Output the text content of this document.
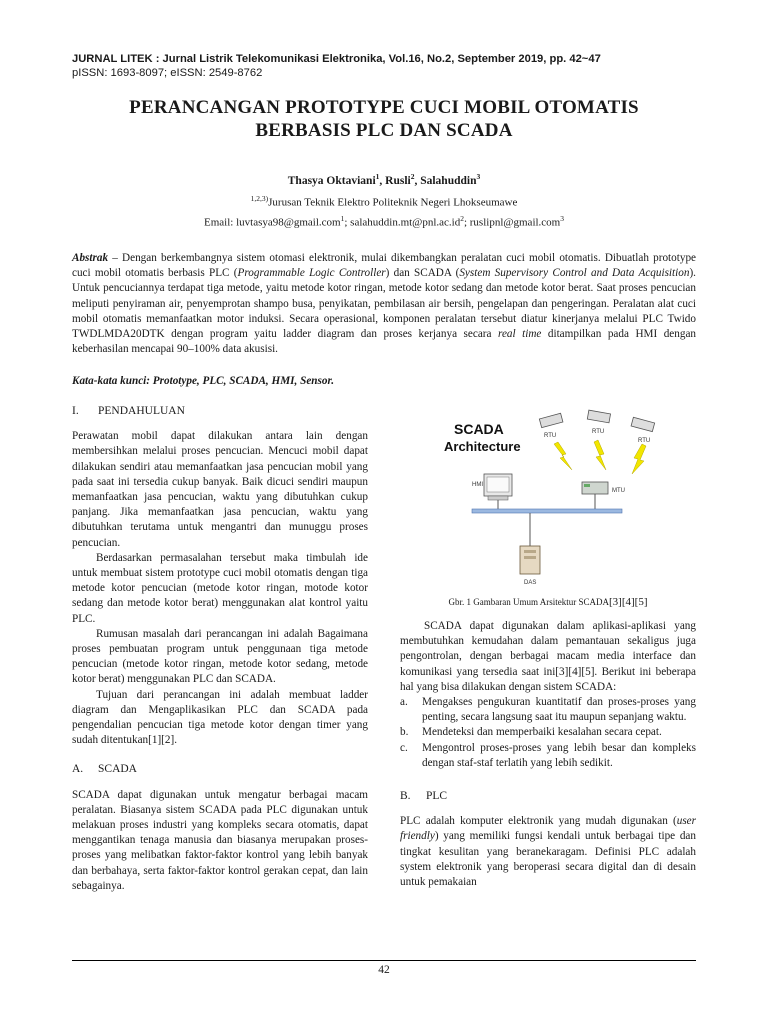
JURNAL LITEK : Jurnal Listrik Telekomunikasi Elektronika, Vol.16, No.2, September 2019, pp. 42~47
pISSN: 1693-8097; eISSN: 2549-8762
PERANCANGAN PROTOTYPE CUCI MOBIL OTOMATIS
BERBASIS PLC DAN SCADA
Thasya Oktaviani$^1$, Rusli$^2$, Salahuddin$^3$
$^{1,2,3)}$Jurusan Teknik Elektro Politeknik Negeri Lhokseumawe
Email: luvtasya98@gmail.com$^1$; $salahuddin.mt@pnl.ac.id^2$; ruslipnl@gmail.com$^3$
Abstrak – Dengan berkembangnya sistem otomasi elektronik, mulai dikembangkan peralatan cuci mobil otomatis. Dibuatlah prototype cuci mobil otomatis berbasis PLC (Programmable Logic Controller) dan SCADA (System Supervisory Control and Data Acquisition). Untuk pencuciannya terdapat tiga metode, yaitu metode kotor ringan, metode kotor sedang dan metode kotor berat. Saat proses pencucian meliputi penyiraman air, penyemprotan shampo busa, penyikatan, pembilasan air bersih, pengelapan dan pengeringan. Peralatan alat cuci mobil otomatis memanfaatkan motor induksi. Secara operasional, komponen peralatan tersebut diatur kinerjanya melalui PLC Twido TWDLMDA20DTK dengan program yaitu ladder diagram dan proses kerjanya secara real time ditampilkan pada HMI dengan keberhasilan mencapai 90–100% data akusisi.
Kata-kata kunci: Prototype, PLC, SCADA, HMI, Sensor.
I. PENDAHULUAN

Perawatan mobil dapat dilakukan antara lain dengan membersihkan melalui proses pencucian. Mencuci mobil dapat dilakukan sendiri atau memanfaatkan jasa pencucian mobil yang pada saat ini tersedia cukup banyak. Baik dicuci sendiri maupun memanfaatkan jasa pencucian, waktu yang dibutuhkan cukup panjang. Jika memanfaatkan jasa pencucian, waktu yang dibutuhkan terutama untuk mengantri dan munuggu proses pencucian.

Berdasarkan permasalahan tersebut maka timbulah ide untuk membuat sistem prototype cuci mobil otomatis dengan tiga metode kotor pencucian (metode kotor ringan, motode kotor sedang dan metode kotor berat) menggunakan alat kontrol yaitu PLC.

Rumusan masalah dari perancangan ini adalah Bagaimana proses pembuatan program untuk penggunaan tiga metode pencucian (metode kotor ringan, metode kotor sedang, metode kotor berat) menggunakan PLC dan SCADA.

Tujuan dari perancangan ini adalah membuat ladder diagram dan Mengaplikasikan PLC dan SCADA pada pengendalian pencucian tiga metode kotor dengan timer yang sudah ditentukan[1][2].

A. SCADA

SCADA dapat digunakan untuk mengatur berbagai macam peralatan. Biasanya sistem SCADA pada PLC digunakan untuk melakuan proses industri yang kompleks secara otomatis, dapat menggantikan tenaga manusia dan biasanya merupakan proses-proses yang melibatkan faktor-faktor kontrol yang lebih banyak dan berbahaya, serta faktor-faktor kontrol gerakan cepat, dan lain sebagainya.

SCADA
Architecture
RTU
RTU
RTU
MTU
HMI
DAS
Gbr. 1 Gambaran Umum Arsitektur SCADA[3][4][5]

SCADA dapat digunakan dalam aplikasi-aplikasi yang membutuhkan kemudahan dalam pemantauan sekaligus juga pengontrolan, dengan berbagai macam media interface dan komunikasi yang tersedia saat ini[3][4][5]. Berikut ini beberapa hal yang bisa dilakukan dengan sistem SCADA:

a. Mengakses pengukuran kuantitatif dan proses-proses yang penting, secara langsung saat itu maupun sepanjang waktu.
b. Mendeteksi dan memperbaiki kesalahan secara cepat.
c. Mengontrol proses-proses yang lebih besar dan kompleks dengan staf-staf terlatih yang lebih sedikit.
B. PLC

PLC adalah komputer elektronik yang mudah digunakan (user friendly) yang memiliki fungsi kendali untuk berbagai tipe dan tingkat kesulitan yang beranekaragam. Definisi PLC adalah system elektronik yang beroperasi secara digital dan di desain untuk pemakaian

42
